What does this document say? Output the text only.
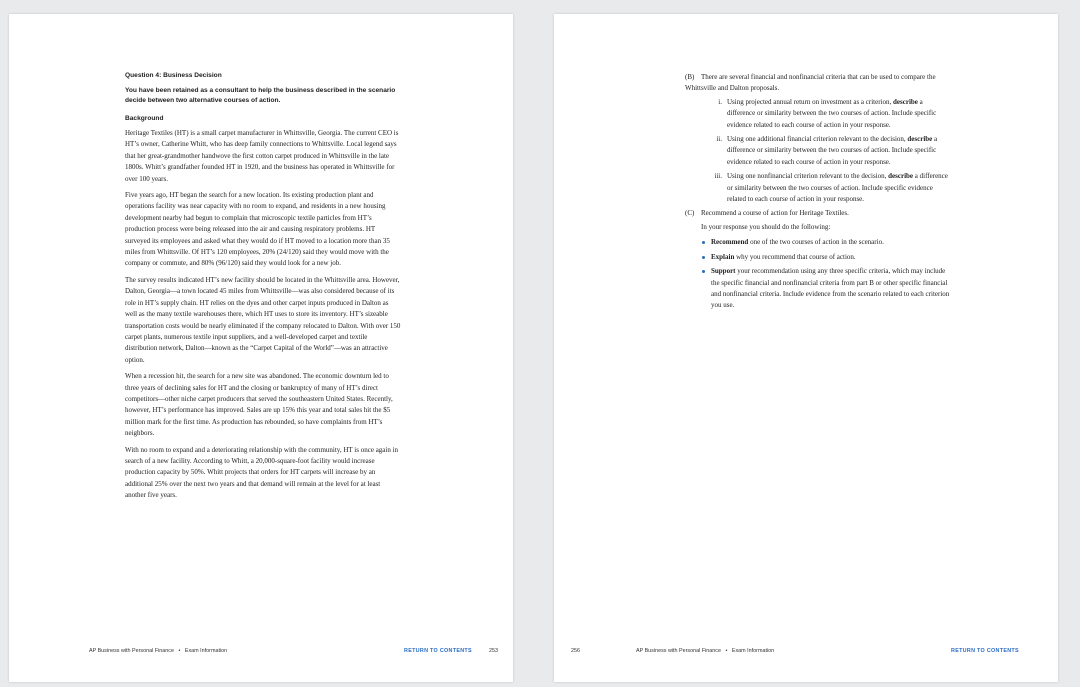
Question 4: Business Decision
You have been retained as a consultant to help the business described in the scenario decide between two alternative courses of action.
Background

Heritage Textiles (HT) is a small carpet manufacturer in Whittsville, Georgia. The current CEO is HT’s owner, Catherine Whitt, who has deep family connections to Whittsville. Local legend says that her great-grandmother handwove the first cotton carpet produced in Whittsville in the late 1800s. Whitt’s grandfather founded HT in 1920, and the business has operated in Whittsville for over 100 years.

Five years ago, HT began the search for a new location. Its existing production plant and operations facility was near capacity with no room to expand, and residents in a new housing development nearby had begun to complain that microscopic textile particles from HT’s production process were being released into the air and causing respiratory problems. HT surveyed its employees and asked what they would do if HT moved to a location more than 35 miles from Whittsville. Of HT’s 120 employees, 20% (24/120) said they would move with the company or commute, and 80% (96/120) said they would look for a new job.

The survey results indicated HT’s new facility should be located in the Whittsville area. However, Dalton, Georgia—a town located 45 miles from Whittsville—was also considered because of its role in HT’s supply chain. HT relies on the dyes and other carpet inputs produced in Dalton as well as the many textile warehouses there, which HT uses to store its inventory. HT’s sizeable transportation costs would be nearly eliminated if the company relocated to Dalton. With over 150 carpet plants, numerous textile input suppliers, and a well-developed carpet and textile distribution network, Dalton—known as the “Carpet Capital of the World”—was an attractive option.

When a recession hit, the search for a new site was abandoned. The economic downturn led to three years of declining sales for HT and the closing or bankruptcy of many of HT’s direct competitors—other niche carpet producers that served the southeastern United States. Recently, however, HT’s performance has improved. Sales are up 15% this year and total sales hit the $5 million mark for the first time. As production has rebounded, so have complaints from HT’s neighbors.

With no room to expand and a deteriorating relationship with the community, HT is once again in search of a new facility. According to Whitt, a 20,000-square-foot facility would increase production capacity by 50%. Whitt projects that orders for HT carpets will increase by an additional 25% over the next two years and that demand will remain at the level for at least another five years.

AP Business with Personal Finance • Exam Information	RETURN TO CONTENTS	253
(B) There are several financial and nonfinancial criteria that can be used to compare the Whittsville and Dalton proposals.
i. Using projected annual return on investment as a criterion, describe a difference or similarity between the two courses of action. Include specific evidence related to each course of action in your response.
ii. Using one additional financial criterion relevant to the decision, describe a difference or similarity between the two courses of action. Include specific evidence related to each course of action in your response.
iii. Using one nonfinancial criterion relevant to the decision, describe a difference or similarity between the two courses of action. Include specific evidence related to each course of action in your response.
(C) Recommend a course of action for Heritage Textiles.
In your response you should do the following:
Recommend one of the two courses of action in the scenario.
Explain why you recommend that course of action.
Support your recommendation using any three specific criteria, which may include the specific financial and nonfinancial criteria from part B or other specific financial and nonfinancial criteria. Include evidence from the scenario related to each criterion you use.
256	AP Business with Personal Finance • Exam Information	RETURN TO CONTENTS
